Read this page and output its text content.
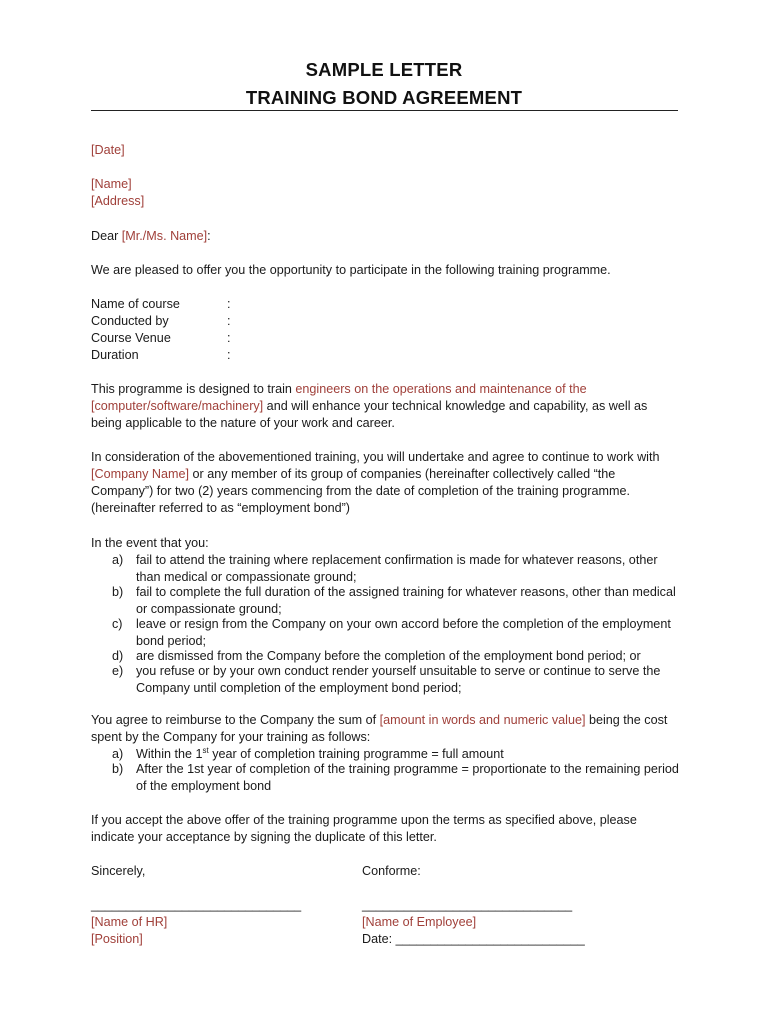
SAMPLE LETTER
TRAINING BOND AGREEMENT
[Date]
[Name]
[Address]
Dear [Mr./Ms. Name]:
We are pleased to offer you the opportunity to participate in the following training programme.
Name of course	:
Conducted by	:
Course Venue	:
Duration	:
This programme is designed to train engineers on the operations and maintenance of the
[computer/software/machinery] and will enhance your technical knowledge and capability, as well as
being applicable to the nature of your work and career.
In consideration of the abovementioned training, you will undertake and agree to continue to work with
[Company Name] or any member of its group of companies (hereinafter collectively called “the
Company”) for two (2) years commencing from the date of completion of the training programme.
(hereinafter referred to as “employment bond”)
In the event that you:
a) fail to attend the training where replacement confirmation is made for whatever reasons, other
than medical or compassionate ground;
b) fail to complete the full duration of the assigned training for whatever reasons, other than medical
or compassionate ground;
c) leave or resign from the Company on your own accord before the completion of the employment
bond period;
d) are dismissed from the Company before the completion of the employment bond period; or
e) you refuse or by your own conduct render yourself unsuitable to serve or continue to serve the
Company until completion of the employment bond period;
You agree to reimburse to the Company the sum of [amount in words and numeric value] being the cost
spent by the Company for your training as follows:
a) Within the 1st year of completion training programme = full amount
b) After the 1st year of completion of the training programme = proportionate to the remaining period
of the employment bond
If you accept the above offer of the training programme upon the terms as specified above, please
indicate your acceptance by signing the duplicate of this letter.
Sincerely,	Conforme:
______________________________	______________________________
[Name of HR]	[Name of Employee]
[Position]	Date: ___________________________
